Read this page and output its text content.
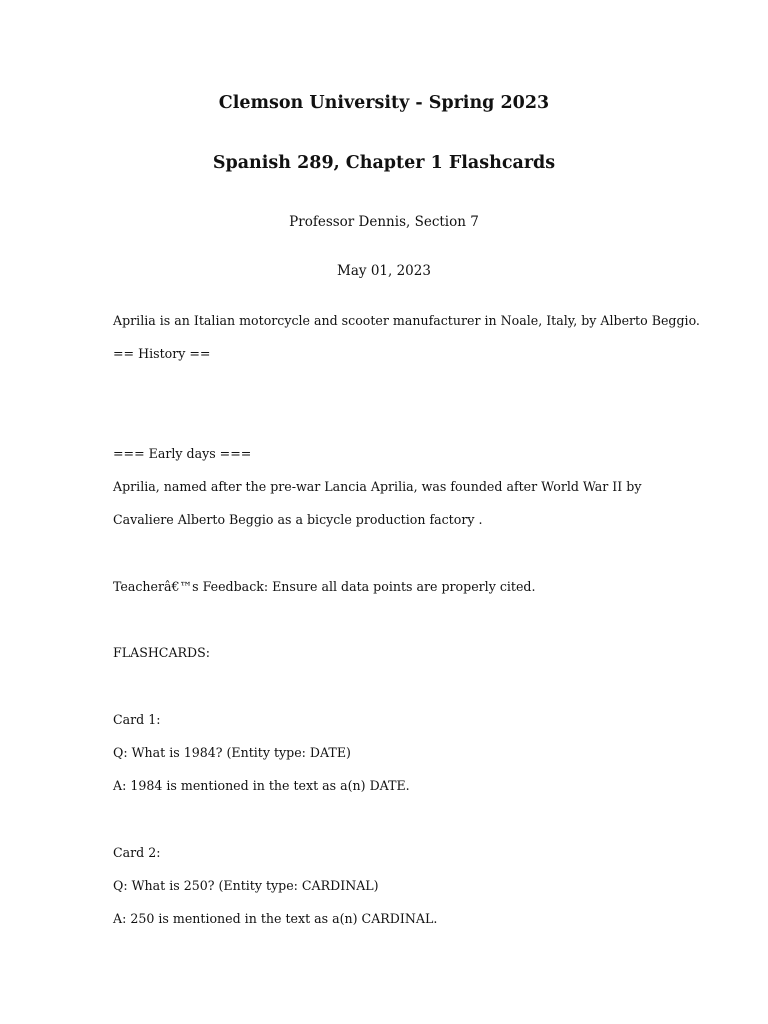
Clemson University - Spring 2023
Spanish 289, Chapter 1 Flashcards
Professor Dennis, Section 7
May 01, 2023
Aprilia is an Italian motorcycle and scooter manufacturer in Noale, Italy, by Alberto Beggio.
== History ==
=== Early days ===
Aprilia, named after the pre-war Lancia Aprilia, was founded after World War II by
Cavaliere Alberto Beggio as a bicycle production factory .
Teacherâ€™s Feedback: Ensure all data points are properly cited.
FLASHCARDS:
Card 1:
Q: What is 1984? (Entity type: DATE)
A: 1984 is mentioned in the text as a(n) DATE.
Card 2:
Q: What is 250? (Entity type: CARDINAL)
A: 250 is mentioned in the text as a(n) CARDINAL.
